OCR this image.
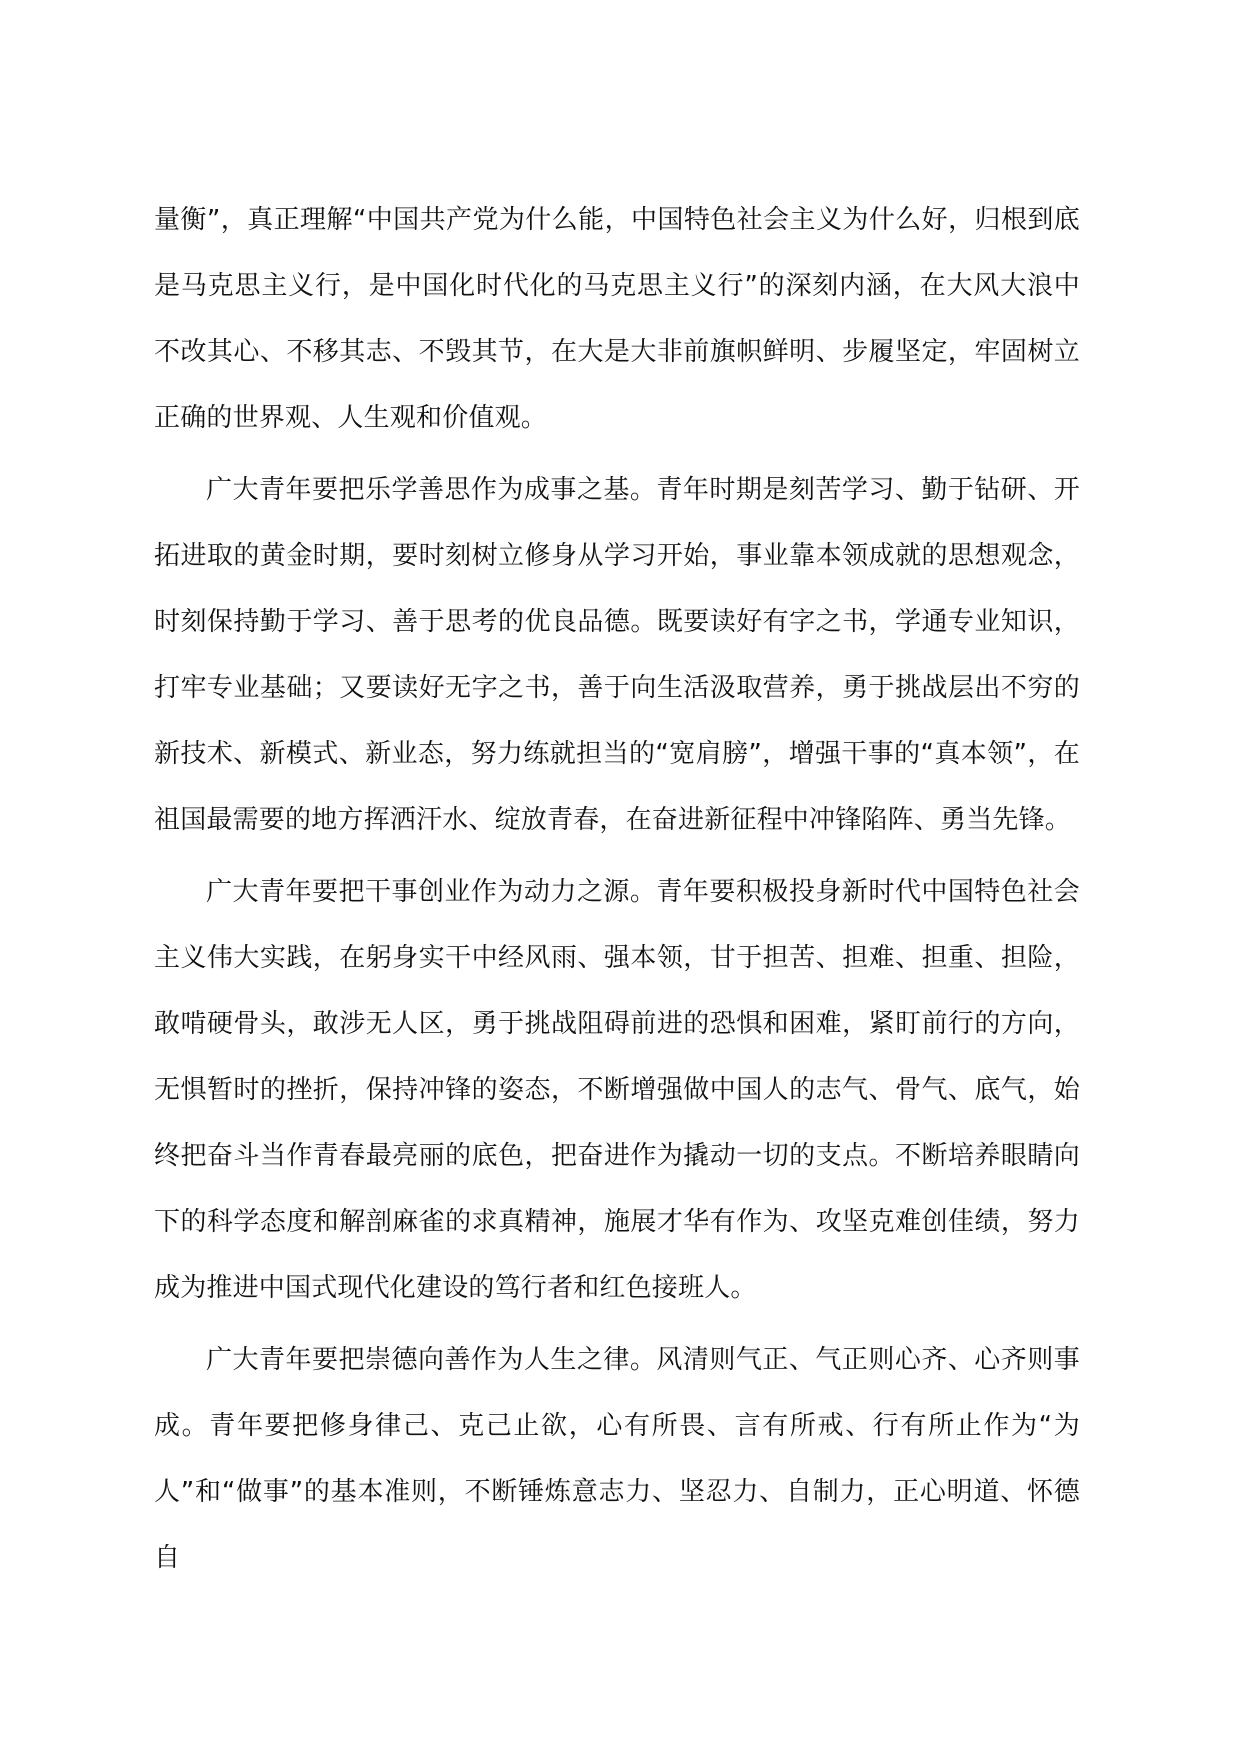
量衡”，真正理解“中国共产党为什么能，中国特色社会主义为什么好，归根到底是马克思主义行，是中国化时代化的马克思主义行”的深刻内涵，在大风大浪中不改其心、不移其志、不毁其节，在大是大非前旗帜鲜明、步履坚定，牢固树立正确的世界观、人生观和价值观。

广大青年要把乐学善思作为成事之基。青年时期是刻苦学习、勤于钻研、开拓进取的黄金时期，要时刻树立修身从学习开始，事业靠本领成就的思想观念，时刻保持勤于学习、善于思考的优良品德。既要读好有字之书，学通专业知识，打牢专业基础；又要读好无字之书，善于向生活汲取营养，勇于挑战层出不穷的新技术、新模式、新业态，努力练就担当的“宽肩膀”，增强干事的“真本领”，在祖国最需要的地方挥洒汗水、绽放青春，在奋进新征程中冲锋陷阵、勇当先锋。

广大青年要把干事创业作为动力之源。青年要积极投身新时代中国特色社会主义伟大实践，在躬身实干中经风雨、强本领，甘于担苦、担难、担重、担险，敢啃硬骨头，敢涉无人区，勇于挑战阻碍前进的恐惧和困难，紧盯前行的方向，无惧暂时的挫折，保持冲锋的姿态，不断增强做中国人的志气、骨气、底气，始终把奋斗当作青春最亮丽的底色，把奋进作为撬动一切的支点。不断培养眼睛向下的科学态度和解剖麻雀的求真精神，施展才华有作为、攻坚克难创佳绩，努力成为推进中国式现代化建设的笃行者和红色接班人。

广大青年要把崇德向善作为人生之律。风清则气正、气正则心齐、心齐则事成。青年要把修身律己、克己止欲，心有所畏、言有所戒、行有所止作为“为人”和“做事”的基本准则，不断锤炼意志力、坚忍力、自制力，正心明道、怀德自
